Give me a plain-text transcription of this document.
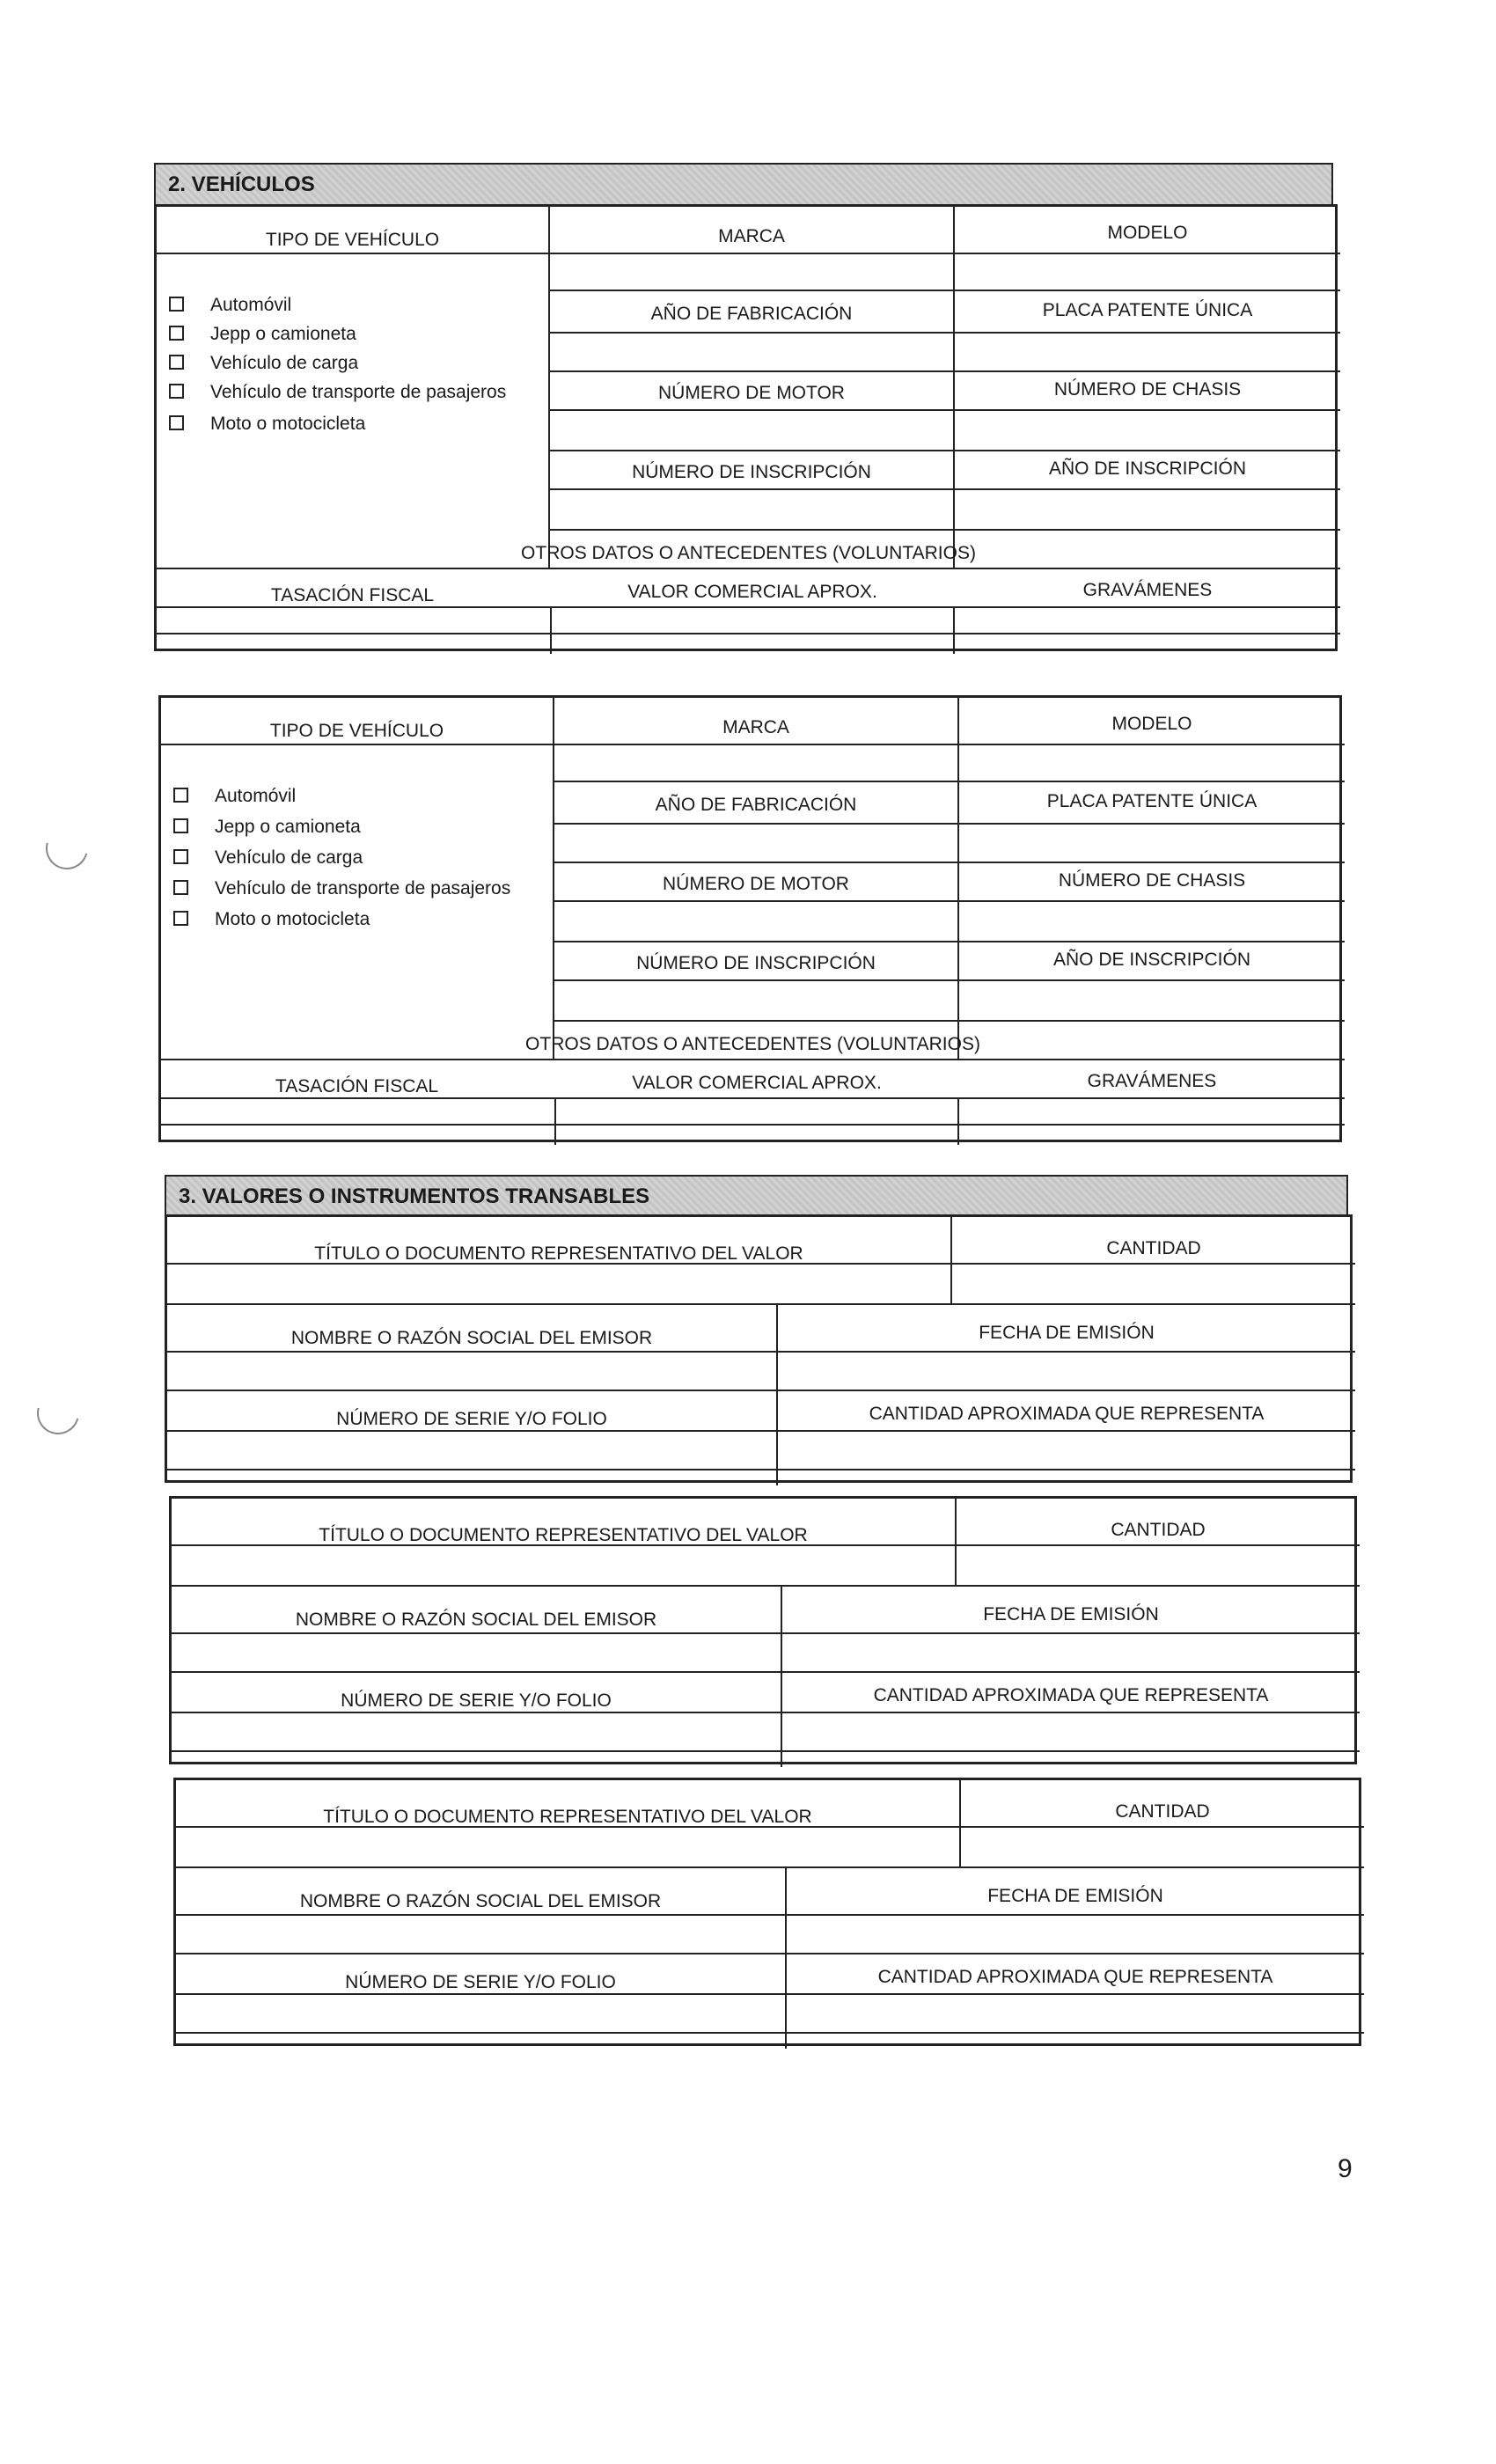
2. VEHÍCULOS
TIPO DE VEHÍCULO	MARCA	MODELO
AÑO DE FABRICACIÓN	PLACA PATENTE ÚNICA
NÚMERO DE MOTOR	NÚMERO DE CHASIS
NÚMERO DE INSCRIPCIÓN	AÑO DE INSCRIPCIÓN
OTROS DATOS O ANTECEDENTES (VOLUNTARIOS)
TASACIÓN FISCAL	VALOR COMERCIAL APROX.	GRAVÁMENES
Automóvil
Jepp o camioneta
Vehículo de carga
Vehículo de transporte de pasajeros
Moto o motocicleta
TIPO DE VEHÍCULO	MARCA	MODELO
AÑO DE FABRICACIÓN	PLACA PATENTE ÚNICA
NÚMERO DE MOTOR	NÚMERO DE CHASIS
NÚMERO DE INSCRIPCIÓN	AÑO DE INSCRIPCIÓN
OTROS DATOS O ANTECEDENTES (VOLUNTARIOS)
TASACIÓN FISCAL	VALOR COMERCIAL APROX.	GRAVÁMENES
Automóvil
Jepp o camioneta
Vehículo de carga
Vehículo de transporte de pasajeros
Moto o motocicleta
3. VALORES O INSTRUMENTOS TRANSABLES
TÍTULO O DOCUMENTO REPRESENTATIVO DEL VALOR	CANTIDAD
NOMBRE O RAZÓN SOCIAL DEL EMISOR	FECHA DE EMISIÓN
NÚMERO DE SERIE Y/O FOLIO	CANTIDAD APROXIMADA QUE REPRESENTA
TÍTULO O DOCUMENTO REPRESENTATIVO DEL VALOR	CANTIDAD
NOMBRE O RAZÓN SOCIAL DEL EMISOR	FECHA DE EMISIÓN
NÚMERO DE SERIE Y/O FOLIO	CANTIDAD APROXIMADA QUE REPRESENTA
TÍTULO O DOCUMENTO REPRESENTATIVO DEL VALOR	CANTIDAD
NOMBRE O RAZÓN SOCIAL DEL EMISOR	FECHA DE EMISIÓN
NÚMERO DE SERIE Y/O FOLIO	CANTIDAD APROXIMADA QUE REPRESENTA
9
